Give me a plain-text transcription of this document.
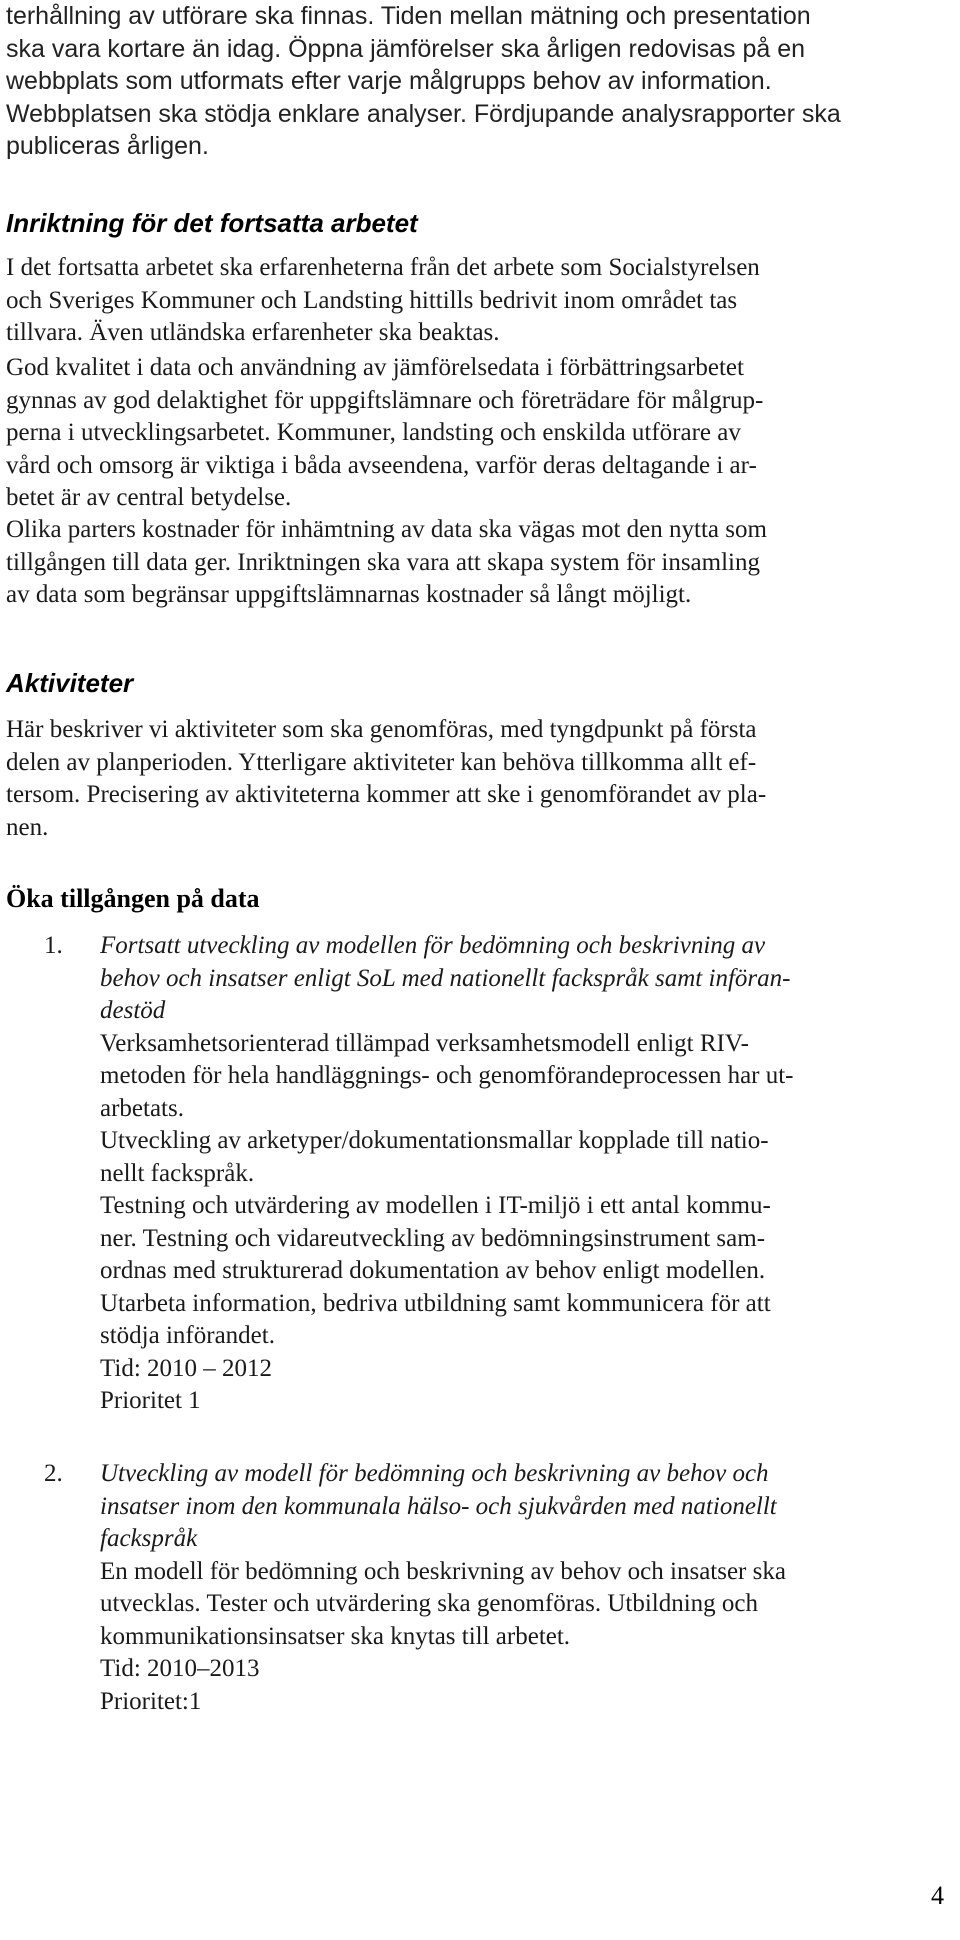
terhållning av utförare ska finnas. Tiden mellan mätning och presentation
ska vara kortare än idag. Öppna jämförelser ska årligen redovisas på en
webbplats som utformats efter varje målgrupps behov av information.
Webbplatsen ska stödja enklare analyser. Fördjupande analysrapporter ska
publiceras årligen.
Inriktning för det fortsatta arbetet
I det fortsatta arbetet ska erfarenheterna från det arbete som Socialstyrelsen
och Sveriges Kommuner och Landsting hittills bedrivit inom området tas
tillvara. Även utländska erfarenheter ska beaktas.
God kvalitet i data och användning av jämförelsedata i förbättringsarbetet
gynnas av god delaktighet för uppgiftslämnare och företrädare för målgrup-
perna i utvecklingsarbetet. Kommuner, landsting och enskilda utförare av
vård och omsorg är viktiga i båda avseendena, varför deras deltagande i ar-
betet är av central betydelse.
Olika parters kostnader för inhämtning av data ska vägas mot den nytta som
tillgången till data ger. Inriktningen ska vara att skapa system för insamling
av data som begränsar uppgiftslämnarnas kostnader så långt möjligt.
Aktiviteter
Här beskriver vi aktiviteter som ska genomföras, med tyngdpunkt på första
delen av planperioden. Ytterligare aktiviteter kan behöva tillkomma allt ef-
tersom. Precisering av aktiviteterna kommer att ske i genomförandet av pla-
nen.
Öka tillgången på data
1.	Fortsatt utveckling av modellen för bedömning och beskrivning av
behov och insatser enligt SoL med nationellt fackspråk samt införan-
destöd
Verksamhetsorienterad tillämpad verksamhetsmodell enligt RIV-
metoden för hela handläggnings- och genomförandeprocessen har ut-
arbetats.
Utveckling av arketyper/dokumentationsmallar kopplade till natio-
nellt fackspråk.
Testning och utvärdering av modellen i IT-miljö i ett antal kommu-
ner. Testning och vidareutveckling av bedömningsinstrument sam-
ordnas med strukturerad dokumentation av behov enligt modellen.
Utarbeta information, bedriva utbildning samt kommunicera för att
stödja införandet.
Tid: 2010 – 2012
Prioritet 1
2.	Utveckling av modell för bedömning och beskrivning av behov och
insatser inom den kommunala hälso- och sjukvården med nationellt
fackspråk
En modell för bedömning och beskrivning av behov och insatser ska
utvecklas. Tester och utvärdering ska genomföras. Utbildning och
kommunikationsinsatser ska knytas till arbetet.
Tid: 2010–2013
Prioritet:1
4
